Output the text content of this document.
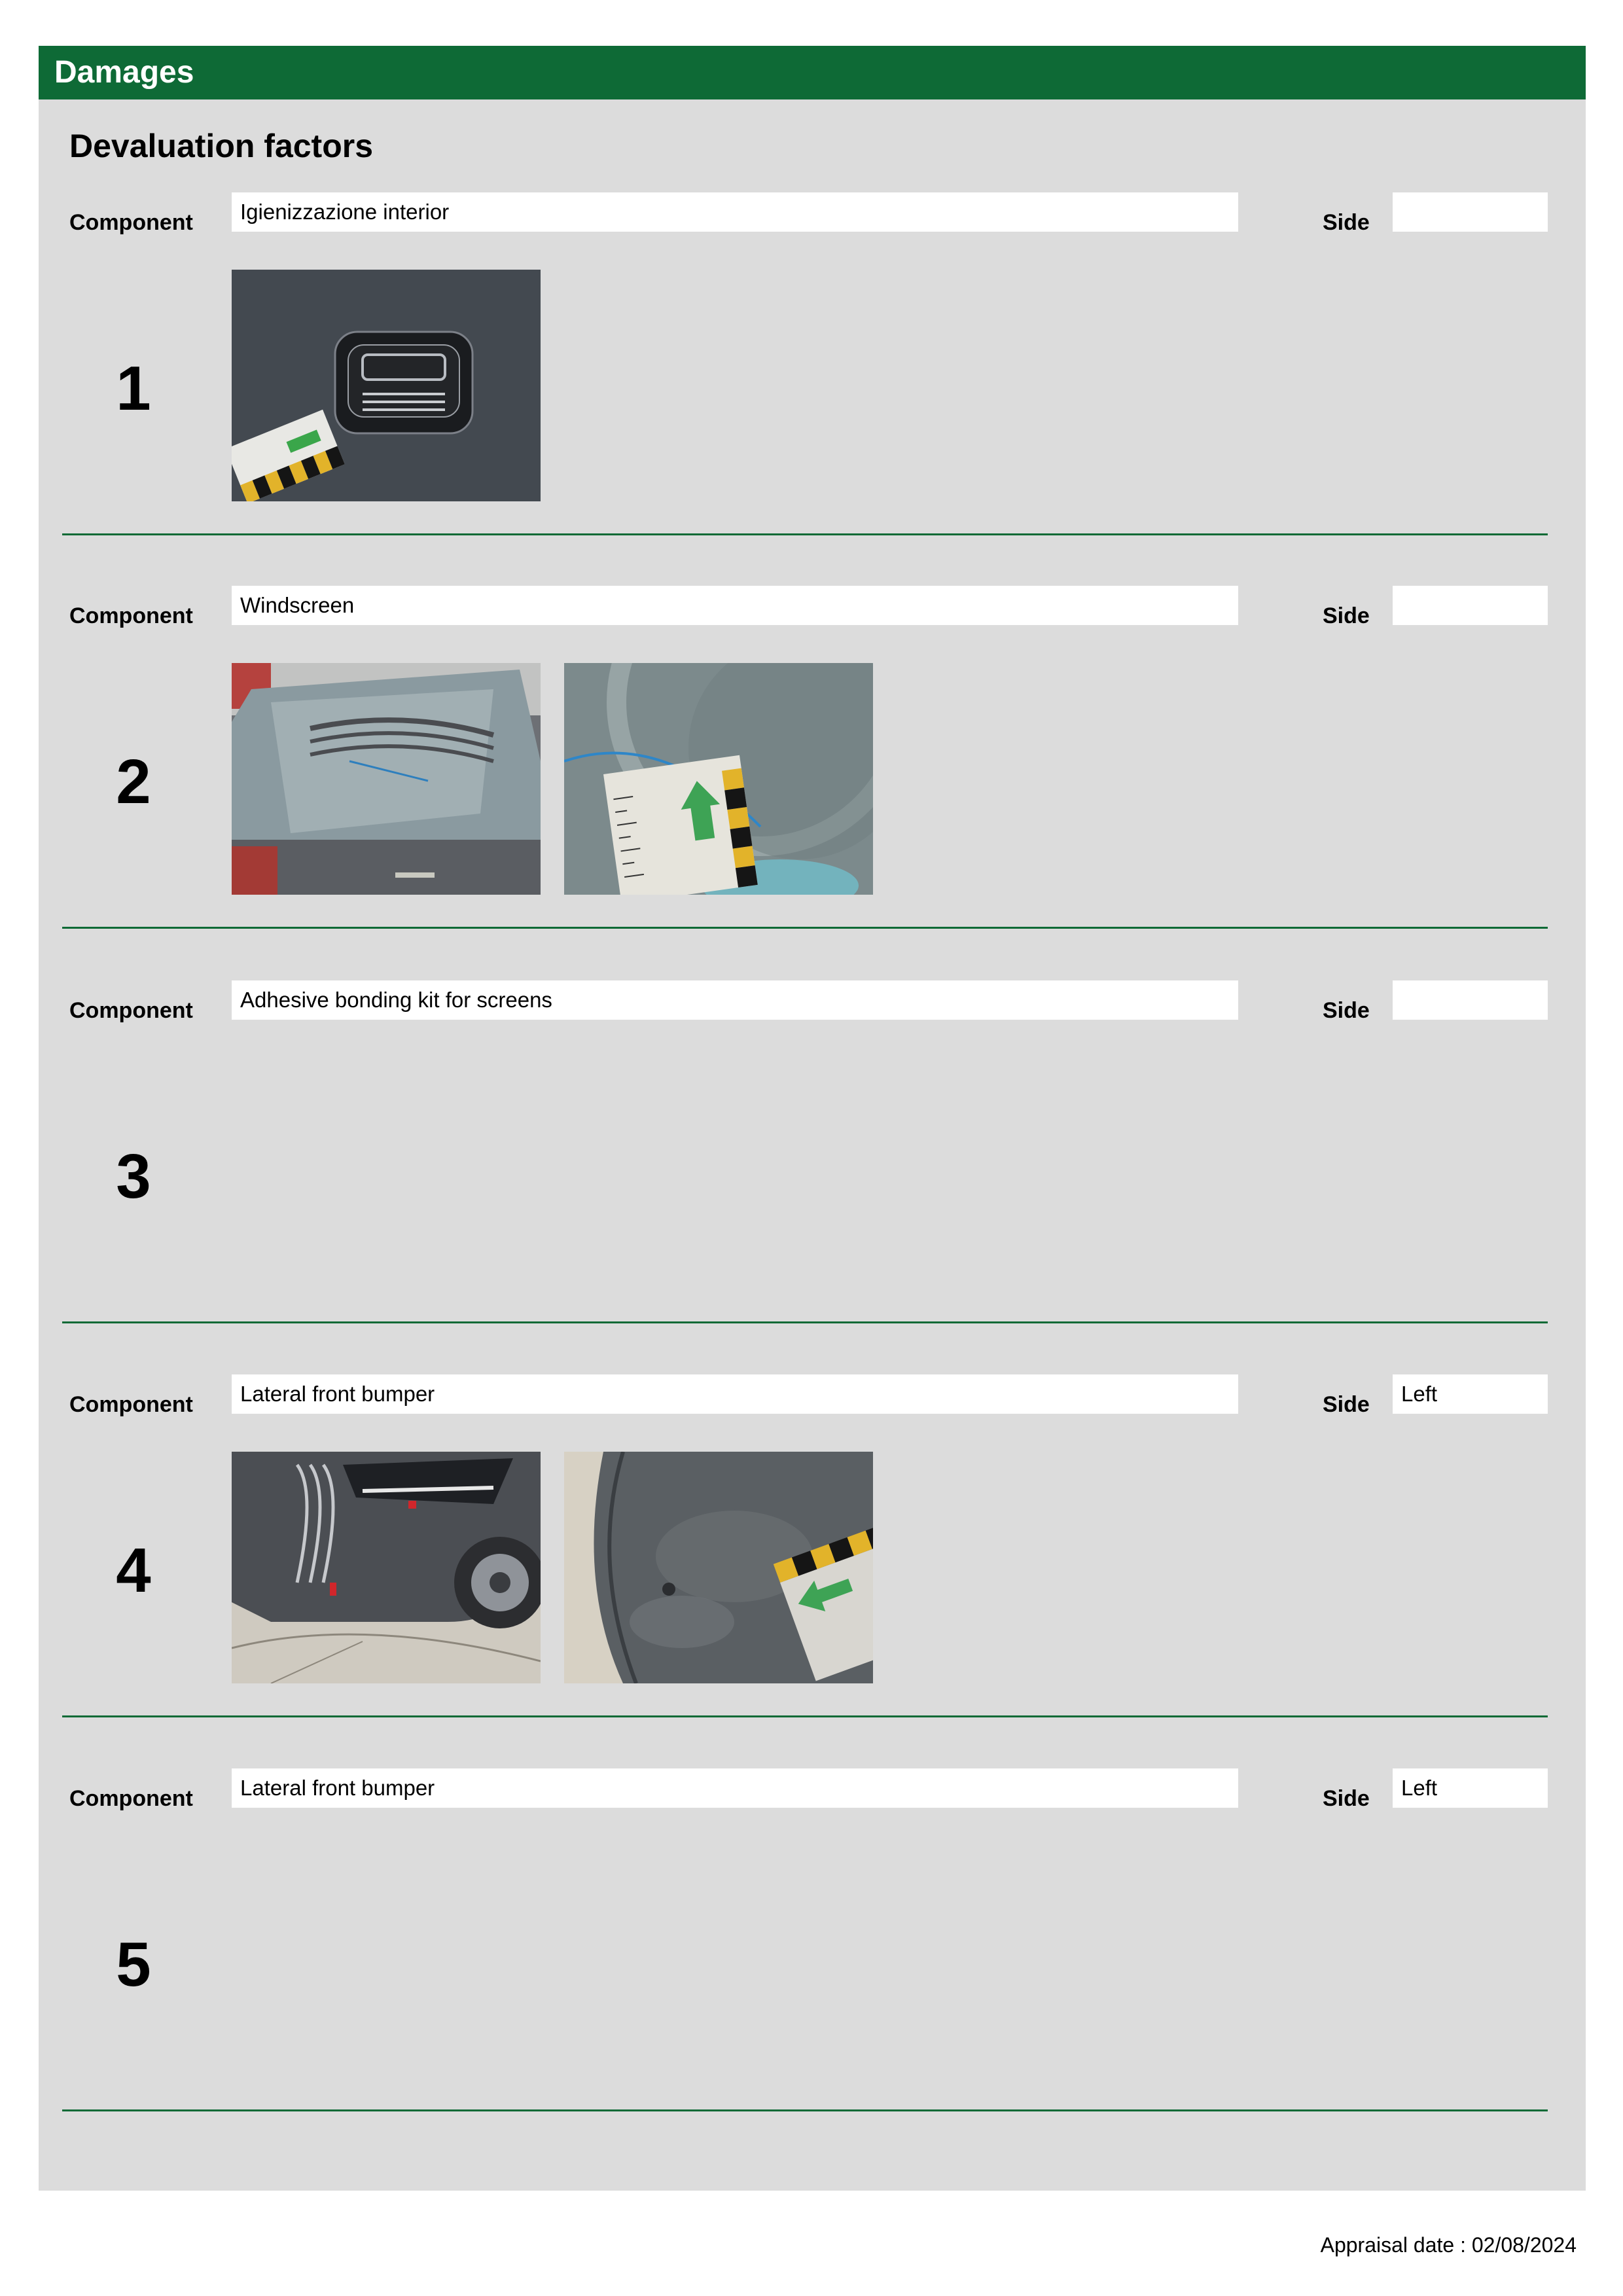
Damages
Devaluation factors
Component	Igienizzazione interior	Side
1
Component	Windscreen	Side
2
Component	Adhesive bonding kit for screens	Side
3
Component	Lateral front bumper	Side	Left
4
Component	Lateral front bumper	Side	Left
5
Appraisal date : 02/08/2024
